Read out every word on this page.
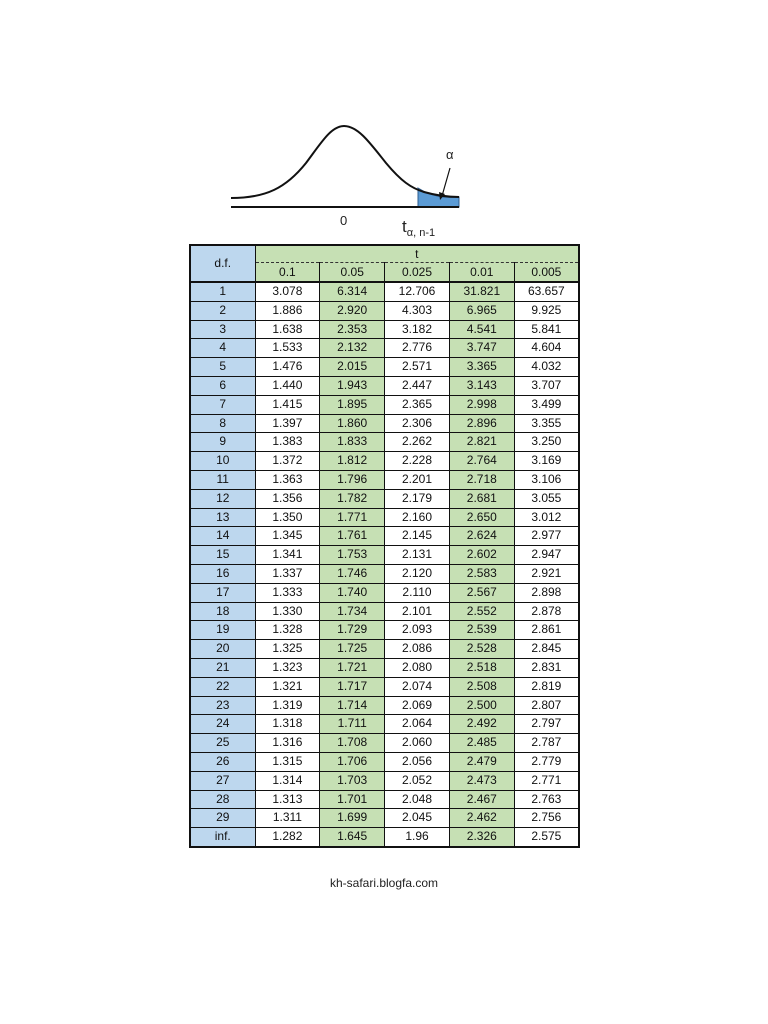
α
0	$t_{\alpha, n-1}$
d.f.	t				
	0.1	0.05	0.025	0.01	0.005
1	3.078	6.314	12.706	31.821	63.657
2	1.886	2.920	4.303	6.965	9.925
3	1.638	2.353	3.182	4.541	5.841
4	1.533	2.132	2.776	3.747	4.604
5	1.476	2.015	2.571	3.365	4.032
6	1.440	1.943	2.447	3.143	3.707
7	1.415	1.895	2.365	2.998	3.499
8	1.397	1.860	2.306	2.896	3.355
9	1.383	1.833	2.262	2.821	3.250
10	1.372	1.812	2.228	2.764	3.169
11	1.363	1.796	2.201	2.718	3.106
12	1.356	1.782	2.179	2.681	3.055
13	1.350	1.771	2.160	2.650	3.012
14	1.345	1.761	2.145	2.624	2.977
15	1.341	1.753	2.131	2.602	2.947
16	1.337	1.746	2.120	2.583	2.921
17	1.333	1.740	2.110	2.567	2.898
18	1.330	1.734	2.101	2.552	2.878
19	1.328	1.729	2.093	2.539	2.861
20	1.325	1.725	2.086	2.528	2.845
21	1.323	1.721	2.080	2.518	2.831
22	1.321	1.717	2.074	2.508	2.819
23	1.319	1.714	2.069	2.500	2.807
24	1.318	1.711	2.064	2.492	2.797
25	1.316	1.708	2.060	2.485	2.787
26	1.315	1.706	2.056	2.479	2.779
27	1.314	1.703	2.052	2.473	2.771
28	1.313	1.701	2.048	2.467	2.763
29	1.311	1.699	2.045	2.462	2.756
inf.	1.282	1.645	1.96	2.326	2.575
kh-safari.blogfa.com
